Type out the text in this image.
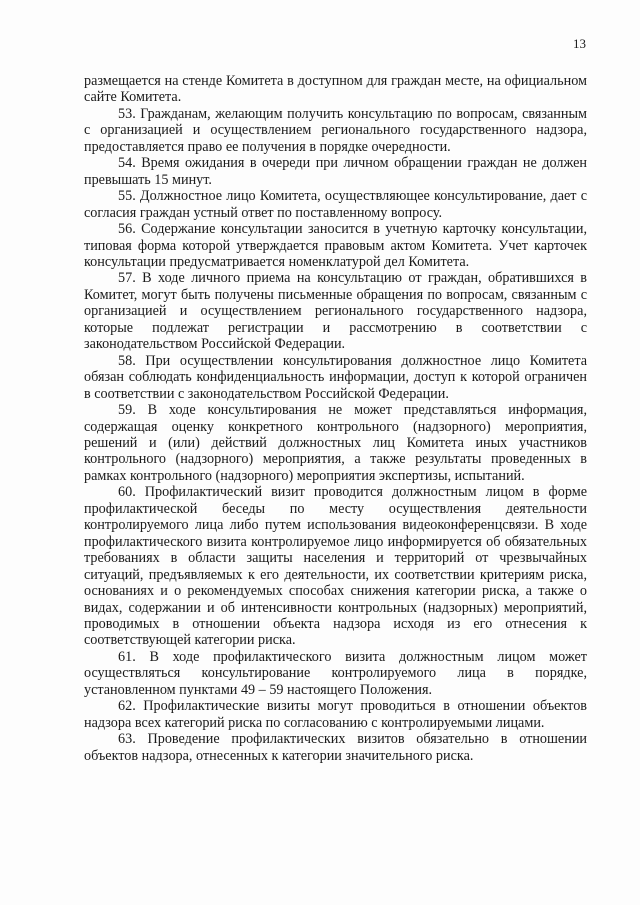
13

размещается на стенде Комитета в доступном для граждан месте, на официальном сайте Комитета.

53. Гражданам, желающим получить консультацию по вопросам, связанным с организацией и осуществлением регионального государственного надзора, предоставляется право ее получения в порядке очередности.

54. Время ожидания в очереди при личном обращении граждан не должен превышать 15 минут.

55. Должностное лицо Комитета, осуществляющее консультирование, дает с согласия граждан устный ответ по поставленному вопросу.

56. Содержание консультации заносится в учетную карточку консультации, типовая форма которой утверждается правовым актом Комитета. Учет карточек консультации предусматривается номенклатурой дел Комитета.

57. В ходе личного приема на консультацию от граждан, обратившихся в Комитет, могут быть получены письменные обращения по вопросам, связанным с организацией и осуществлением регионального государственного надзора, которые подлежат регистрации и рассмотрению в соответствии с законодательством Российской Федерации.

58. При осуществлении консультирования должностное лицо Комитета обязан соблюдать конфиденциальность информации, доступ к которой ограничен в соответствии с законодательством Российской Федерации.

59. В ходе консультирования не может представляться информация, содержащая оценку конкретного контрольного (надзорного) мероприятия, решений и (или) действий должностных лиц Комитета иных участников контрольного (надзорного) мероприятия, а также результаты проведенных в рамках контрольного (надзорного) мероприятия экспертизы, испытаний.

60. Профилактический визит проводится должностным лицом в форме профилактической беседы по месту осуществления деятельности контролируемого лица либо путем использования видеоконференцсвязи. В ходе профилактического визита контролируемое лицо информируется об обязательных требованиях в области защиты населения и территорий от чрезвычайных ситуаций, предъявляемых к его деятельности, их соответствии критериям риска, основаниях и о рекомендуемых способах снижения категории риска, а также о видах, содержании и об интенсивности контрольных (надзорных) мероприятий, проводимых в отношении объекта надзора исходя из его отнесения к соответствующей категории риска.

61. В ходе профилактического визита должностным лицом может осуществляться консультирование контролируемого лица в порядке, установленном пунктами 49 – 59 настоящего Положения.

62. Профилактические визиты могут проводиться в отношении объектов надзора всех категорий риска по согласованию с контролируемыми лицами.

63. Проведение профилактических визитов обязательно в отношении объектов надзора, отнесенных к категории значительного риска.
